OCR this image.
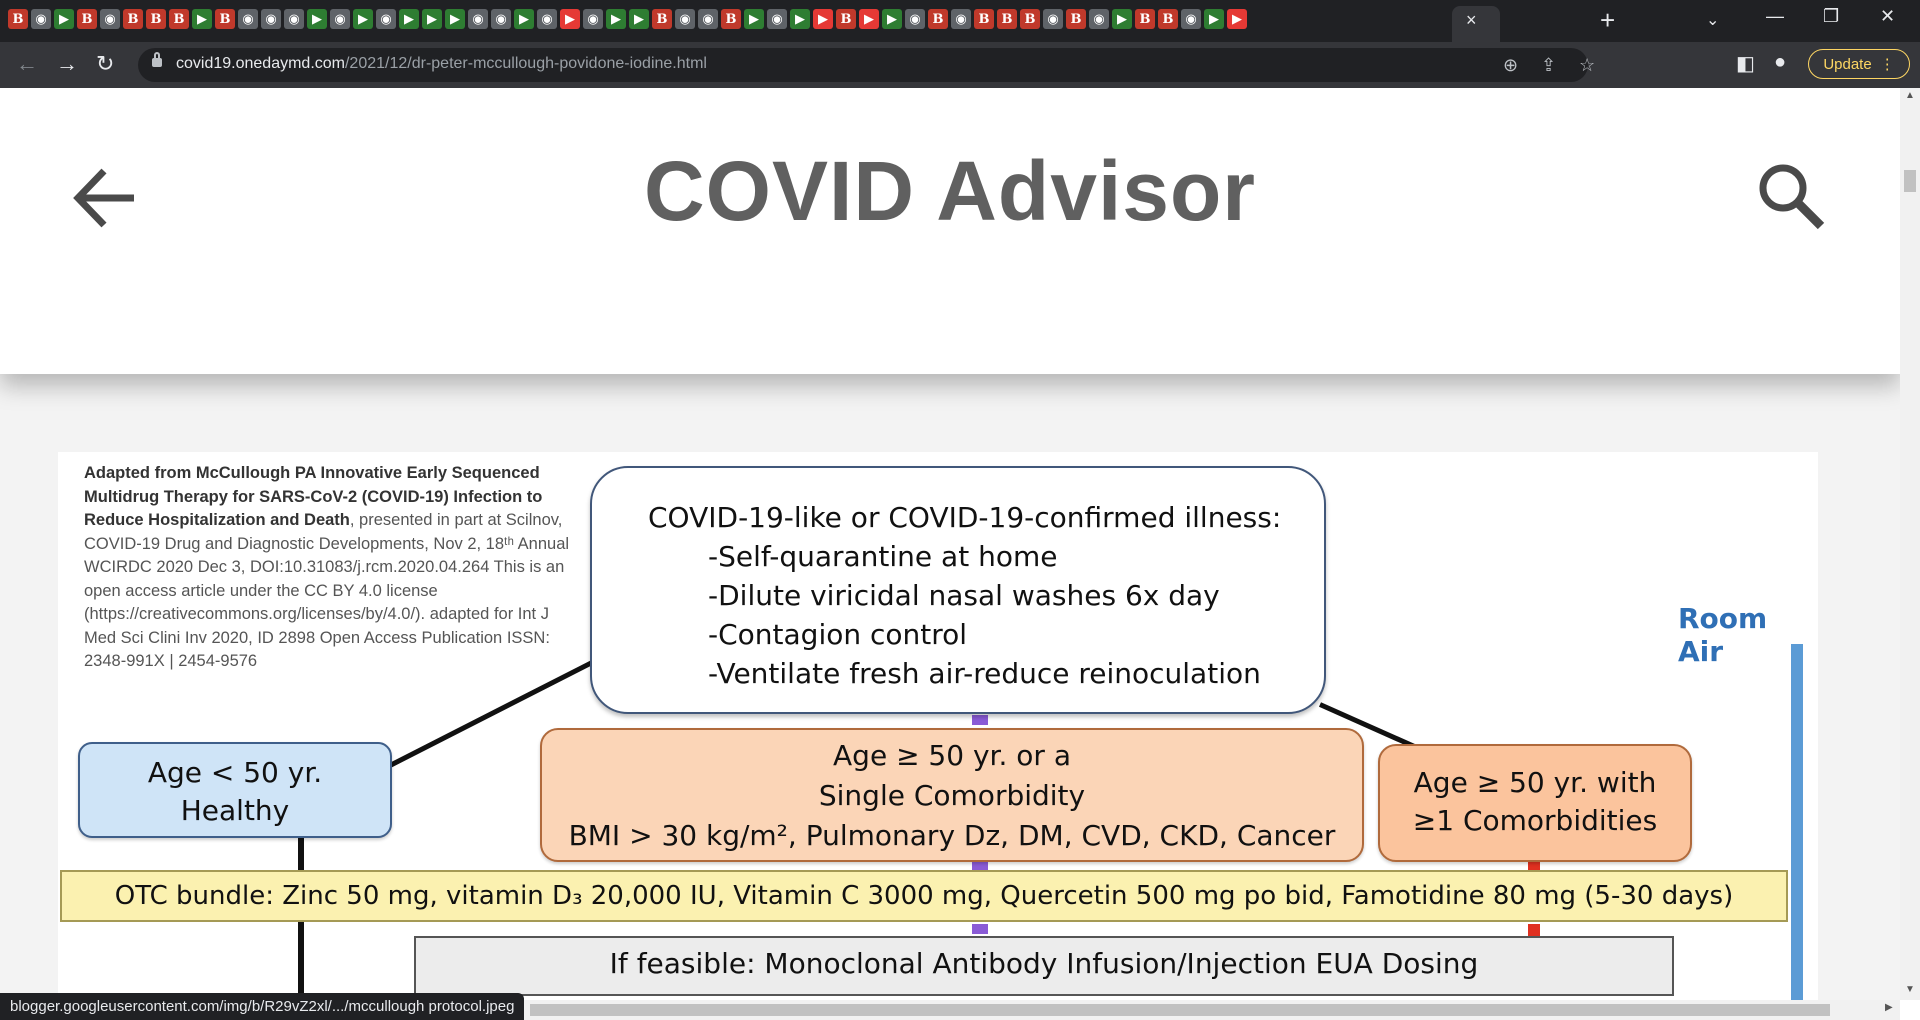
B ◉ ▶ B ◉ B B B ▶ B ◉ ◉ ◉ ▶ ◉ ▶ ◉ ▶	▶	▶ ◉ ◉ ▶ ◉ ▶ ◉ ▶	▶ B ◉ ◉ B ▶ ◉ ▶	▶ B ▶	▶ ◉ B ◉ B B B ◉ B ◉ ▶ B B ◉ ▶	▶	×	+	⌄	— ❐ ✕
← → ↻	covid19.onedaymd.com/2021/12/dr-peter-mccullough-povidone-iodine.html	⊕ ⇪ ☆	◧ ● Update ⋮
COVID Advisor
Adapted from McCullough PA Innovative Early Sequenced Multidrug Therapy for SARS-CoV-2 (COVID-19) Infection to Reduce Hospitalization and Death, presented in part at Scilnov, COVID-19 Drug and Diagnostic Developments, Nov 2, 18ᵗʰ Annual WCIRDC 2020 Dec 3, DOI:10.31083/j.rcm.2020.04.264 This is an open access article under the CC BY 4.0 license (https://creativecommons.org/licenses/by/4.0/). adapted for Int J Med Sci Clini Inv 2020, ID 2898 Open Access Publication ISSN: 2348-991X | 2454-9576
COVID-19-like or COVID-19-confirmed illness:
-Self-quarantine at home
-Dilute viricidal nasal washes 6x day
-Contagion control
-Ventilate fresh air-reduce reinoculation
Age < 50 yr.
Healthy
Age ≥ 50 yr. or a
Single Comorbidity
BMI > 30 kg/m², Pulmonary Dz, DM, CVD, CKD, Cancer
Age ≥ 50 yr. with
≥1 Comorbidities
Room Air
OTC bundle: Zinc 50 mg, vitamin D₃ 20,000 IU, Vitamin C 3000 mg, Quercetin 500 mg po bid, Famotidine 80 mg (5-30 days)
If feasible: Monoclonal Antibody Infusion/Injection EUA Dosing
▲
▼
▶
blogger.googleusercontent.com/img/b/R29vZ2xl/.../mccullough protocol.jpeg
